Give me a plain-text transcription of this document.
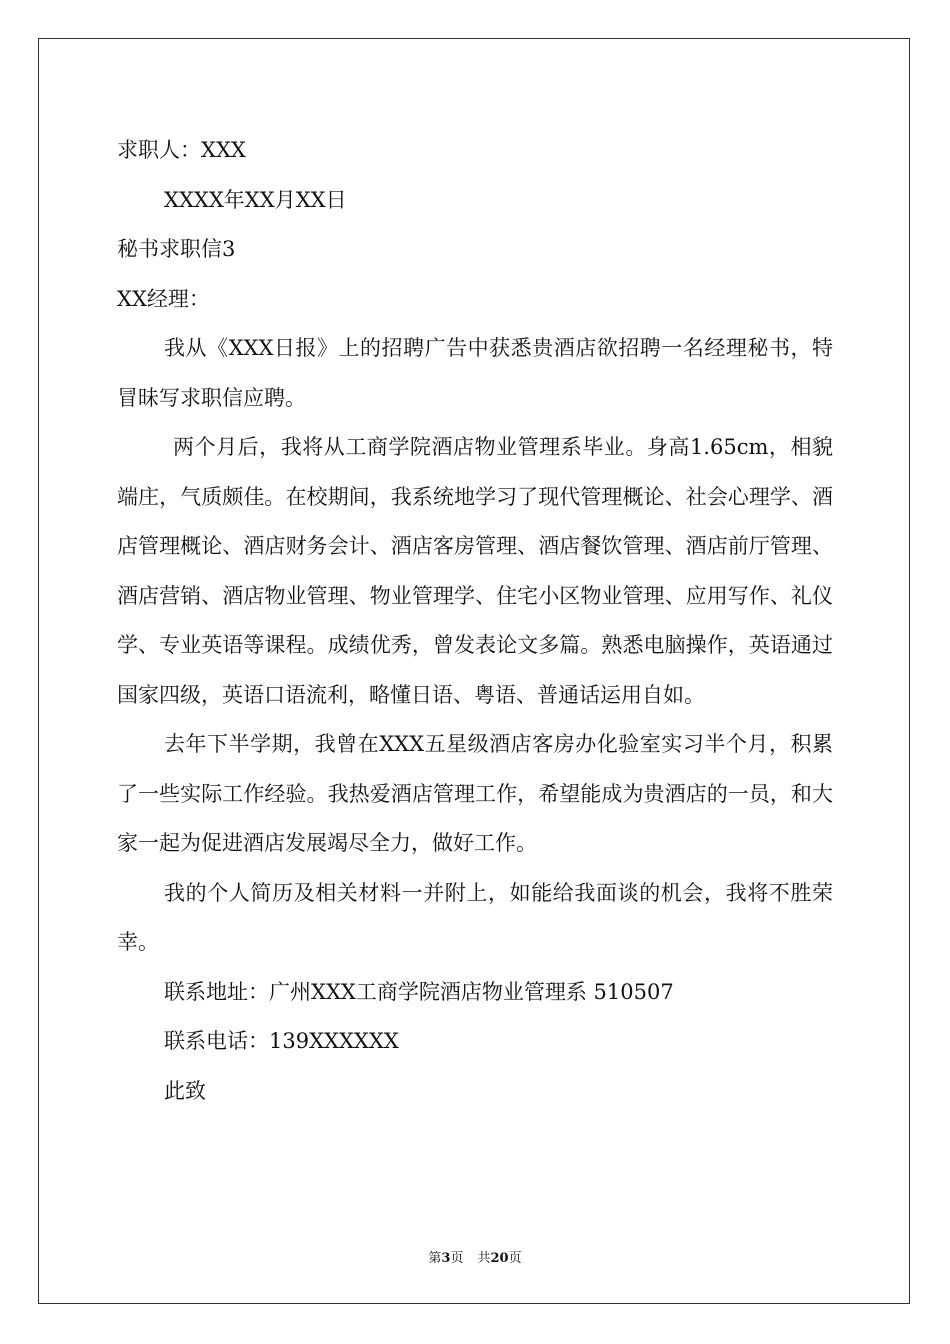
求职人：XXX

XXXX年XX月XX日

秘书求职信3

XX经理：

我从《XXX日报》上的招聘广告中获悉贵酒店欲招聘一名经理秘书，特冒昧写求职信应聘。

两个月后，我将从工商学院酒店物业管理系毕业。身高1.65cm，相貌端庄，气质颇佳。在校期间，我系统地学习了现代管理概论、社会心理学、酒店管理概论、酒店财务会计、酒店客房管理、酒店餐饮管理、酒店前厅管理、酒店营销、酒店物业管理、物业管理学、住宅小区物业管理、应用写作、礼仪学、专业英语等课程。成绩优秀，曾发表论文多篇。熟悉电脑操作，英语通过国家四级，英语口语流利，略懂日语、粤语、普通话运用自如。

去年下半学期，我曾在XXX五星级酒店客房办化验室实习半个月，积累了一些实际工作经验。我热爱酒店管理工作，希望能成为贵酒店的一员，和大家一起为促进酒店发展竭尽全力，做好工作。

我的个人简历及相关材料一并附上，如能给我面谈的机会，我将不胜荣幸。

联系地址：广州XXX工商学院酒店物业管理系 510507

联系电话：139XXXXXX

此致

第3页 共20页
